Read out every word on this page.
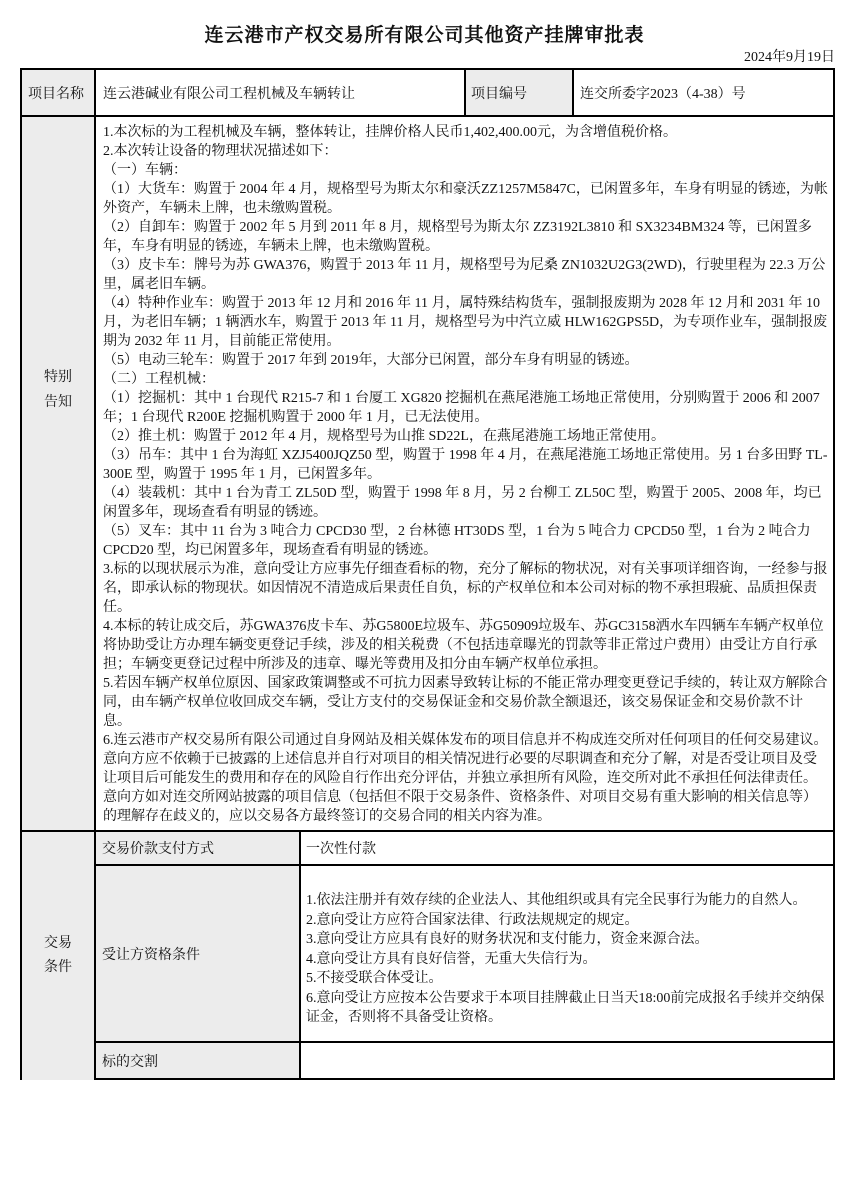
连云港市产权交易所有限公司其他资产挂牌审批表
2024年9月19日
项目名称	连云港碱业有限公司工程机械及车辆转让	项目编号	连交所委字2023（4-38）号
特别
告知
1.本次标的为工程机械及车辆，整体转让，挂牌价格人民币1,402,400.00元，为含增值税价格。
2.本次转让设备的物理状况描述如下：
（一）车辆：
（1）大货车：购置于 2004 年 4 月，规格型号为斯太尔和豪沃ZZ1257M5847C，已闲置多年，车身有明显的锈迹，为帐外资产，车辆未上牌，也未缴购置税。
（2）自卸车：购置于 2002 年 5 月到 2011 年 8 月，规格型号为斯太尔 ZZ3192L3810 和 SX3234BM324 等，已闲置多年，车身有明显的锈迹，车辆未上牌，也未缴购置税。
（3）皮卡车：牌号为苏 GWA376，购置于 2013 年 11 月，规格型号为尼桑 ZN1032U2G3(2WD)，行驶里程为 22.3 万公里，属老旧车辆。
（4）特种作业车：购置于 2013 年 12 月和 2016 年 11 月，属特殊结构货车，强制报废期为 2028 年 12 月和 2031 年 10 月，为老旧车辆；1 辆洒水车，购置于 2013 年 11 月，规格型号为中汽立威 HLW162GPS5D，为专项作业车，强制报废期为 2032 年 11 月，目前能正常使用。
（5）电动三轮车：购置于 2017 年到 2019年，大部分已闲置，部分车身有明显的锈迹。
（二）工程机械：
（1）挖掘机：其中 1 台现代 R215-7 和 1 台厦工 XG820 挖掘机在燕尾港施工场地正常使用，分别购置于 2006 和 2007 年；1 台现代 R200E 挖掘机购置于 2000 年 1 月，已无法使用。
（2）推土机：购置于 2012 年 4 月，规格型号为山推 SD22L，在燕尾港施工场地正常使用。
（3）吊车：其中 1 台为海虹 XZJ5400JQZ50 型，购置于 1998 年 4 月，在燕尾港施工场地正常使用。另 1 台多田野 TL-300E 型，购置于 1995 年 1 月，已闲置多年。
（4）装载机：其中 1 台为青工 ZL50D 型，购置于 1998 年 8 月，另 2 台柳工 ZL50C 型，购置于 2005、2008 年，均已闲置多年，现场查看有明显的锈迹。
（5）叉车：其中 11 台为 3 吨合力 CPCD30 型，2 台林德 HT30DS 型，1 台为 5 吨合力 CPCD50 型，1 台为 2 吨合力 CPCD20 型，均已闲置多年，现场查看有明显的锈迹。
3.标的以现状展示为准，意向受让方应事先仔细查看标的物，充分了解标的物状况，对有关事项详细咨询，一经参与报名，即承认标的物现状。如因情况不清造成后果责任自负，标的产权单位和本公司对标的物不承担瑕疵、品质担保责任。
4.本标的转让成交后，苏GWA376皮卡车、苏G5800E垃圾车、苏G50909垃圾车、苏GC3158洒水车四辆车车辆产权单位将协助受让方办理车辆变更登记手续，涉及的相关税费（不包括违章曝光的罚款等非正常过户费用）由受让方自行承担；车辆变更登记过程中所涉及的违章、曝光等费用及扣分由车辆产权单位承担。
5.若因车辆产权单位原因、国家政策调整或不可抗力因素导致转让标的不能正常办理变更登记手续的，转让双方解除合同，由车辆产权单位收回成交车辆，受让方支付的交易保证金和交易价款全额退还，该交易保证金和交易价款不计息。
6.连云港市产权交易所有限公司通过自身网站及相关媒体发布的项目信息并不构成连交所对任何项目的任何交易建议。意向方应不依赖于已披露的上述信息并自行对项目的相关情况进行必要的尽职调查和充分了解，对是否受让项目及受让项目后可能发生的费用和存在的风险自行作出充分评估，并独立承担所有风险，连交所对此不承担任何法律责任。意向方如对连交所网站披露的项目信息（包括但不限于交易条件、资格条件、对项目交易有重大影响的相关信息等）的理解存在歧义的，应以交易各方最终签订的交易合同的相关内容为准。
交易
条件
交易价款支付方式	一次性付款
受让方资格条件
1.依法注册并有效存续的企业法人、其他组织或具有完全民事行为能力的自然人。
2.意向受让方应符合国家法律、行政法规规定的规定。
3.意向受让方应具有良好的财务状况和支付能力，资金来源合法。
4.意向受让方具有良好信誉，无重大失信行为。
5.不接受联合体受让。
6.意向受让方应按本公告要求于本项目挂牌截止日当天18:00前完成报名手续并交纳保证金，否则将不具备受让资格。
标的交割
